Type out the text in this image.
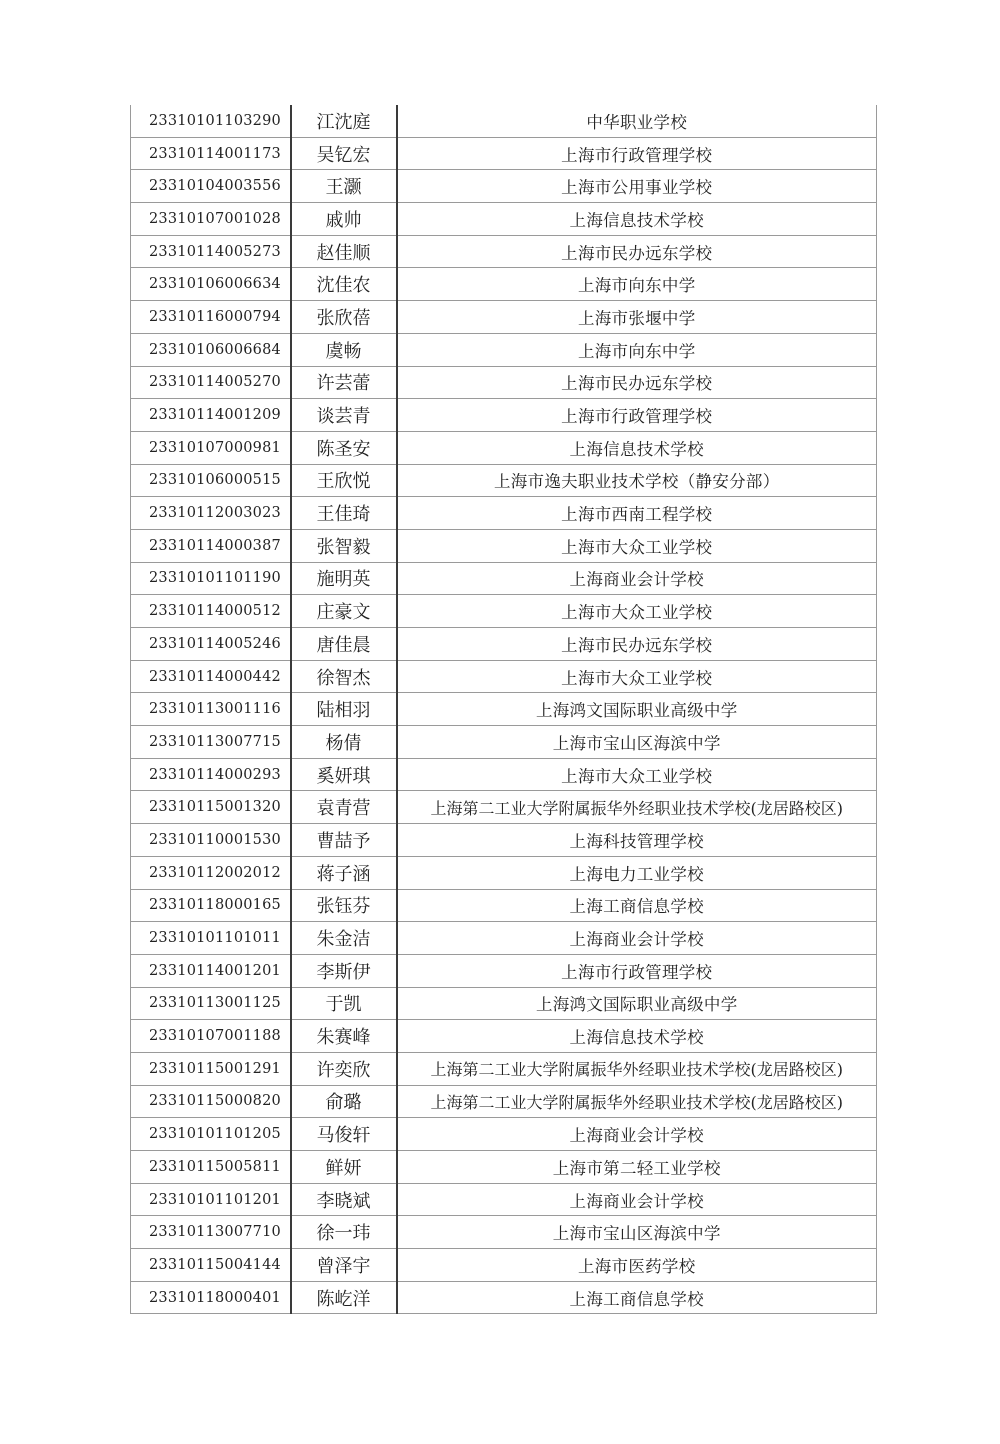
23310101103290	江沈庭	中华职业学校
23310114001173	吴钇宏	上海市行政管理学校
23310104003556	王灏	上海市公用事业学校
23310107001028	戚帅	上海信息技术学校
23310114005273	赵佳顺	上海市民办远东学校
23310106006634	沈佳农	上海市向东中学
23310116000794	张欣蓓	上海市张堰中学
23310106006684	虞畅	上海市向东中学
23310114005270	许芸蕾	上海市民办远东学校
23310114001209	谈芸青	上海市行政管理学校
23310107000981	陈圣安	上海信息技术学校
23310106000515	王欣悦	上海市逸夫职业技术学校（静安分部）
23310112003023	王佳琦	上海市西南工程学校
23310114000387	张智毅	上海市大众工业学校
23310101101190	施明英	上海商业会计学校
23310114000512	庄豪文	上海市大众工业学校
23310114005246	唐佳晨	上海市民办远东学校
23310114000442	徐智杰	上海市大众工业学校
23310113001116	陆相羽	上海鸿文国际职业高级中学
23310113007715	杨倩	上海市宝山区海滨中学
23310114000293	奚妍琪	上海市大众工业学校
23310115001320	袁青营	上海第二工业大学附属振华外经职业技术学校(龙居路校区)
23310110001530	曹喆予	上海科技管理学校
23310112002012	蒋子涵	上海电力工业学校
23310118000165	张钰芬	上海工商信息学校
23310101101011	朱金洁	上海商业会计学校
23310114001201	李斯伊	上海市行政管理学校
23310113001125	于凯	上海鸿文国际职业高级中学
23310107001188	朱赛峰	上海信息技术学校
23310115001291	许奕欣	上海第二工业大学附属振华外经职业技术学校(龙居路校区)
23310115000820	俞璐	上海第二工业大学附属振华外经职业技术学校(龙居路校区)
23310101101205	马俊轩	上海商业会计学校
23310115005811	鲜妍	上海市第二轻工业学校
23310101101201	李晓斌	上海商业会计学校
23310113007710	徐一玮	上海市宝山区海滨中学
23310115004144	曾泽宇	上海市医药学校
23310118000401	陈屹洋	上海工商信息学校
